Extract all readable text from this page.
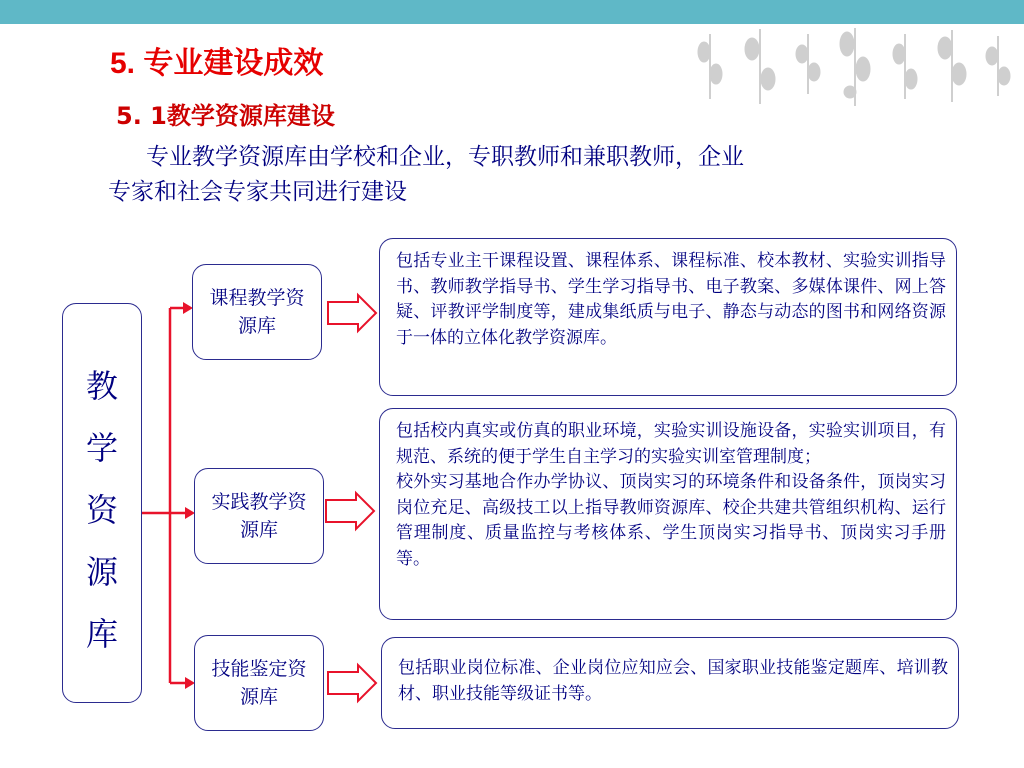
5. 专业建设成效
5. 1教学资源库建设
专业教学资源库由学校和企业，专职教师和兼职教师，企业
专家和社会专家共同进行建设
教
学
资
源
库
课程教学资源库
实践教学资源库
技能鉴定资源库

包括专业主干课程设置、课程体系、课程标准、校本教材、实验实训指导书、教师教学指导书、学生学习指导书、电子教案、多媒体课件、网上答疑、评教评学制度等，建成集纸质与电子、静态与动态的图书和网络资源于一体的立体化教学资源库。

包括校内真实或仿真的职业环境，实验实训设施设备，实验实训项目，有规范、系统的便于学生自主学习的实验实训室管理制度；

校外实习基地合作办学协议、顶岗实习的环境条件和设备条件，顶岗实习岗位充足、高级技工以上指导教师资源库、校企共建共管组织机构、运行管理制度、质量监控与考核体系、学生顶岗实习指导书、顶岗实习手册等。

包括职业岗位标准、企业岗位应知应会、国家职业技能鉴定题库、培训教材、职业技能等级证书等。
